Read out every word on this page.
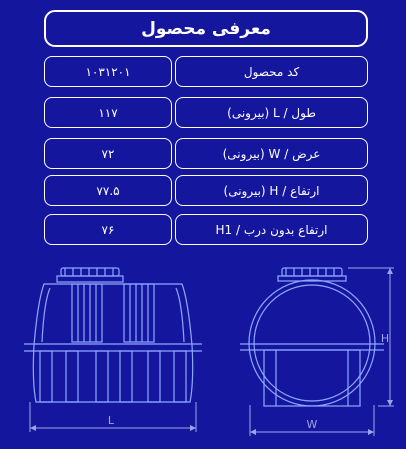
معرفی محصول
۱۰۳۱۲۰۱	کد محصول
۱۱۷	طول / L (بیرونی)
۷۲	عرض / W (بیرونی)
۷۷.۵	ارتفاع / H (بیرونی)
۷۶	ارتفاع بدون درب / H1
L	W
H
